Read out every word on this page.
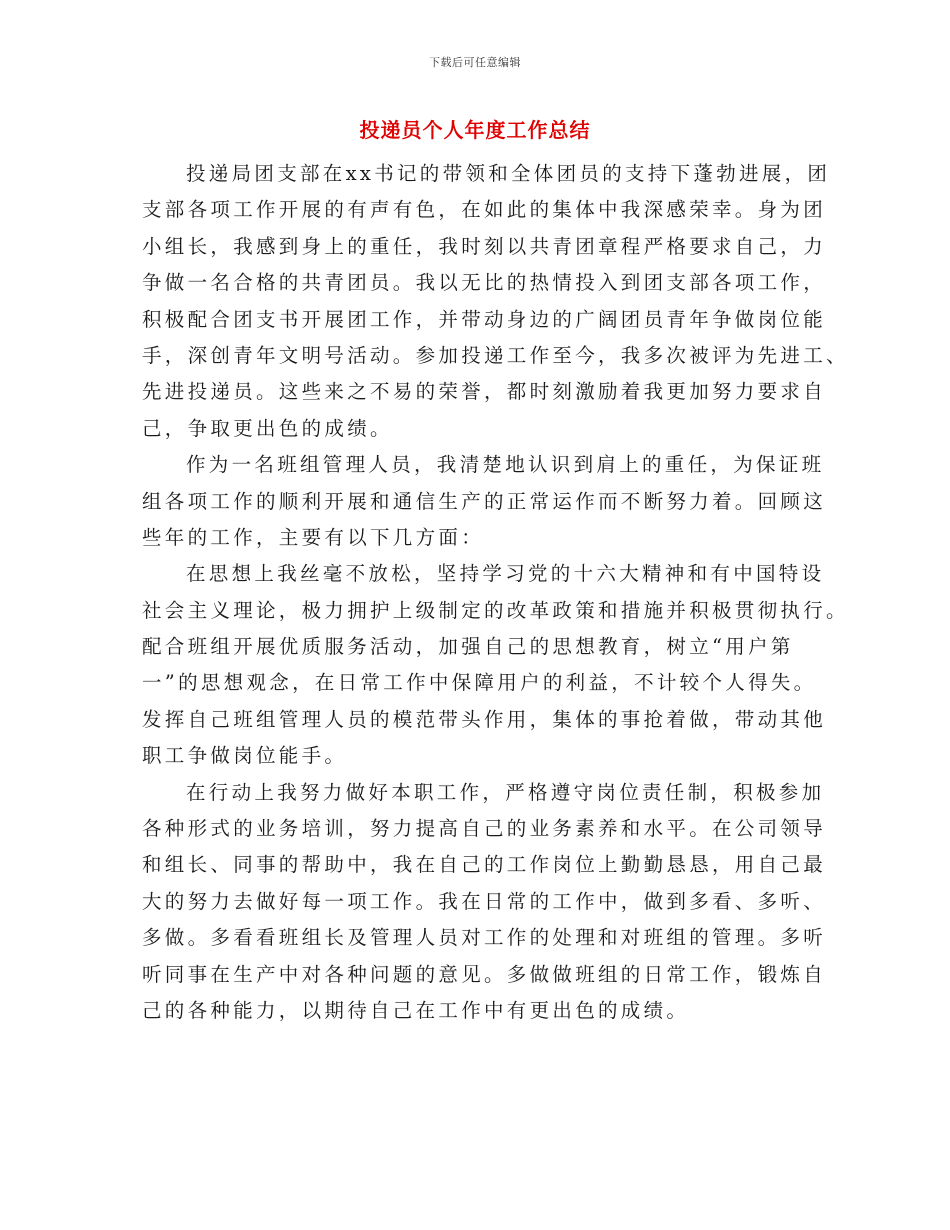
下载后可任意编辑
投递员个人年度工作总结
投递局团支部在xx书记的带领和全体团员的支持下蓬勃进展，团
支部各项工作开展的有声有色，在如此的集体中我深感荣幸。身为团
小组长，我感到身上的重任，我时刻以共青团章程严格要求自己，力
争做一名合格的共青团员。我以无比的热情投入到团支部各项工作，
积极配合团支书开展团工作，并带动身边的广阔团员青年争做岗位能
手，深创青年文明号活动。参加投递工作至今，我多次被评为先进工、
先进投递员。这些来之不易的荣誉，都时刻激励着我更加努力要求自
己，争取更出色的成绩。
作为一名班组管理人员，我清楚地认识到肩上的重任，为保证班
组各项工作的顺利开展和通信生产的正常运作而不断努力着。回顾这
些年的工作，主要有以下几方面：
在思想上我丝毫不放松，坚持学习党的十六大精神和有中国特设
社会主义理论，极力拥护上级制定的改革政策和措施并积极贯彻执行。
配合班组开展优质服务活动，加强自己的思想教育，树立“用户第
一”的思想观念，在日常工作中保障用户的利益，不计较个人得失。
发挥自己班组管理人员的模范带头作用，集体的事抢着做，带动其他
职工争做岗位能手。
在行动上我努力做好本职工作，严格遵守岗位责任制，积极参加
各种形式的业务培训，努力提高自己的业务素养和水平。在公司领导
和组长、同事的帮助中，我在自己的工作岗位上勤勤恳恳，用自己最
大的努力去做好每一项工作。我在日常的工作中，做到多看、多听、
多做。多看看班组长及管理人员对工作的处理和对班组的管理。多听
听同事在生产中对各种问题的意见。多做做班组的日常工作，锻炼自
己的各种能力，以期待自己在工作中有更出色的成绩。
